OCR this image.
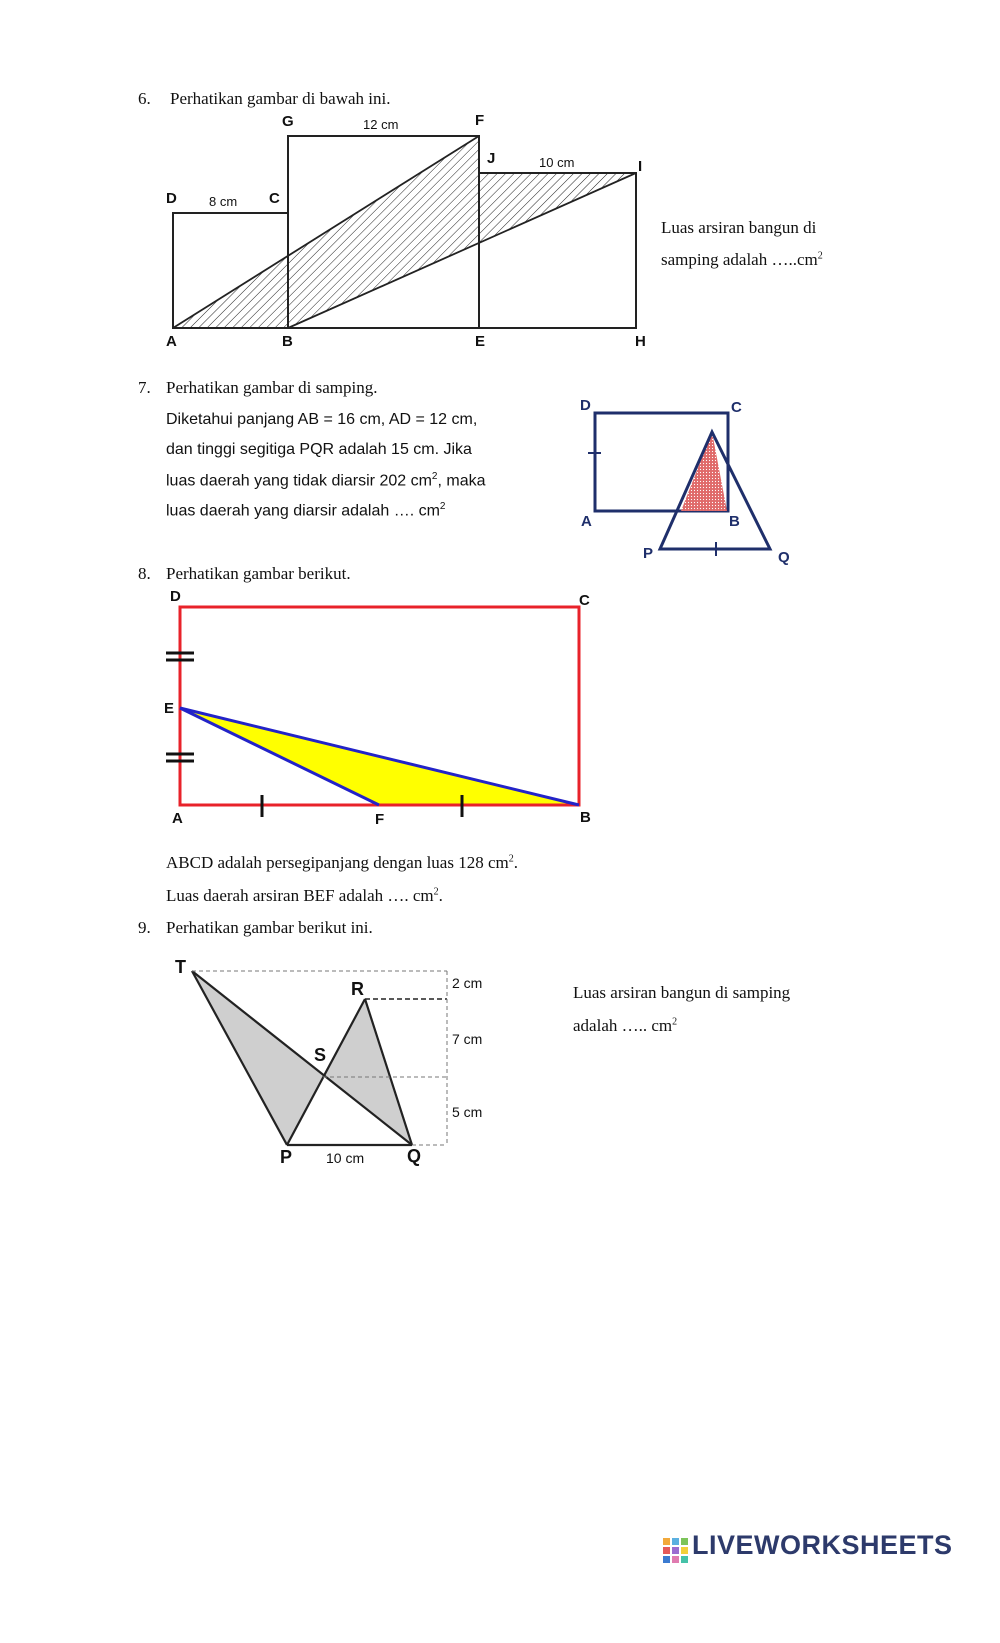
6. Perhatikan gambar di bawah ini.
G	12 cm	F
J	10 cm	I
D 8 cm C
A	B	E	H
Luas arsiran bangun di
samping adalah $\dots..cm^2$
7. Perhatikan gambar di samping.
Diketahui panjang AB = 16 cm, AD = 12 cm,
dan tinggi segitiga PQR adalah 15 cm. Jika
luas daerah yang tidak diarsir 202 $cm^2$, maka
luas daerah yang diarsir adalah …. $cm^2$
D	C
A	B
P	Q
8. Perhatikan gambar berikut.
D	C
E
A	F	B
ABCD adalah persegipanjang dengan luas 128 $cm^2$.
Luas daerah arsiran BEF adalah …. $cm^2$.
9. Perhatikan gambar berikut ini.
T
R
S
P	Q
2 cm
7 cm
5 cm
10 cm
Luas arsiran bangun di samping
adalah ….. $cm^2$
LIVEWORKSHEETS
